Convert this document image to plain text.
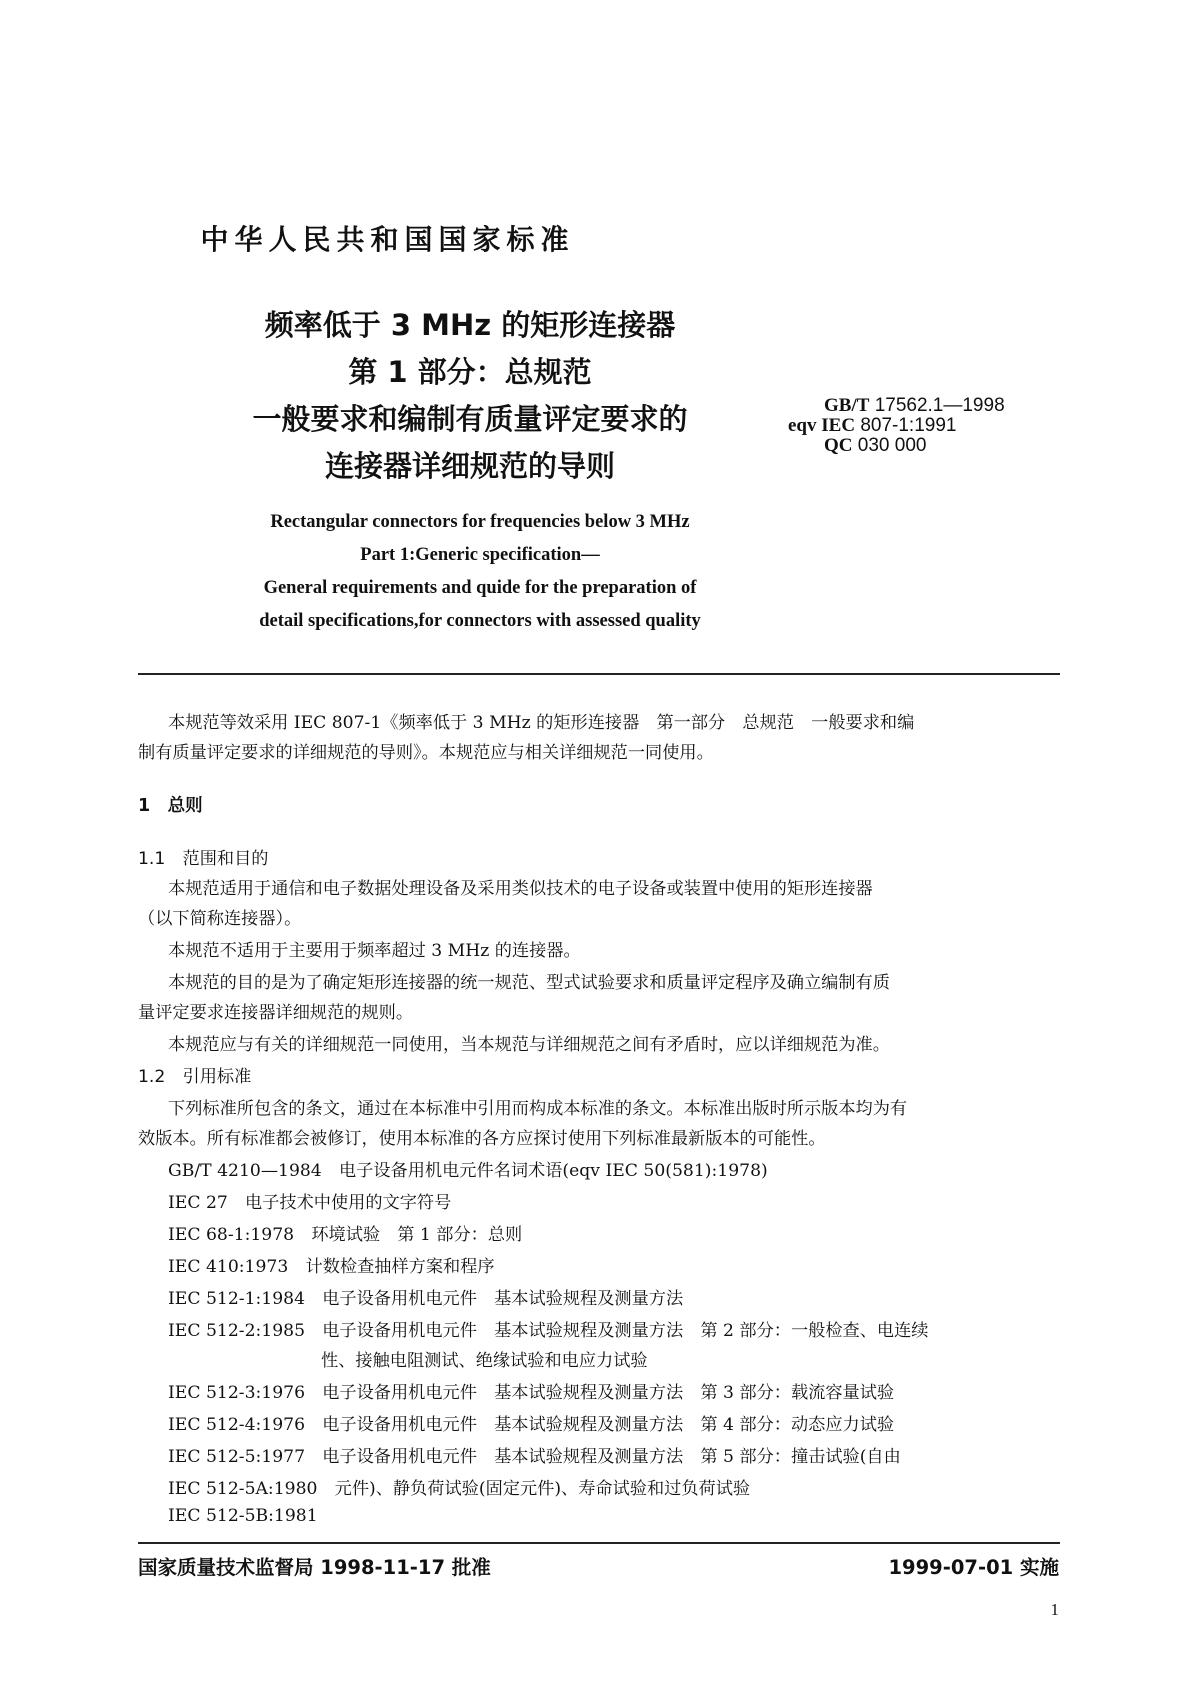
中华人民共和国国家标准
频率低于 3 MHz 的矩形连接器
第 1 部分：总规范
一般要求和编制有质量评定要求的
连接器详细规范的导则
GB/T 17562.1—1998
eqv IEC 807-1:1991
QC 030 000
Rectangular connectors for frequencies below 3 MHz
Part 1:Generic specification—
General requirements and quide for the preparation of
detail specifications,for connectors with assessed quality
本规范等效采用 IEC 807-1《频率低于 3 MHz 的矩形连接器　第一部分　总规范　一般要求和编
制有质量评定要求的详细规范的导则》。本规范应与相关详细规范一同使用。
1　总则
1.1　范围和目的
本规范适用于通信和电子数据处理设备及采用类似技术的电子设备或装置中使用的矩形连接器
（以下简称连接器）。
本规范不适用于主要用于频率超过 3 MHz 的连接器。
本规范的目的是为了确定矩形连接器的统一规范、型式试验要求和质量评定程序及确立编制有质
量评定要求连接器详细规范的规则。
本规范应与有关的详细规范一同使用，当本规范与详细规范之间有矛盾时，应以详细规范为准。
1.2　引用标准
下列标准所包含的条文，通过在本标准中引用而构成本标准的条文。本标准出版时所示版本均为有
效版本。所有标准都会被修订，使用本标准的各方应探讨使用下列标准最新版本的可能性。
GB/T 4210—1984　 电子设备用机电元件名词术语(eqv IEC 50(581):1978)
IEC 27　 电子技术中使用的文字符号
IEC 68-1:1978　 环境试验　第 1 部分：总则
IEC 410:1973　 计数检查抽样方案和程序
IEC 512-1:1984　 电子设备用机电元件　基本试验规程及测量方法
IEC 512-2:1985　 电子设备用机电元件　基本试验规程及测量方法　第 2 部分：一般检查、电连续
性、接触电阻测试、绝缘试验和电应力试验
IEC 512-3:1976　 电子设备用机电元件　基本试验规程及测量方法　第 3 部分：载流容量试验
IEC 512-4:1976　 电子设备用机电元件　基本试验规程及测量方法　第 4 部分：动态应力试验
IEC 512-5:1977　 电子设备用机电元件　基本试验规程及测量方法　第 5 部分：撞击试验(自由
IEC 512-5A:1980　 元件)、静负荷试验(固定元件)、寿命试验和过负荷试验
IEC 512-5B:1981
国家质量技术监督局 1998-11-17 批准	1999-07-01 实施
1
